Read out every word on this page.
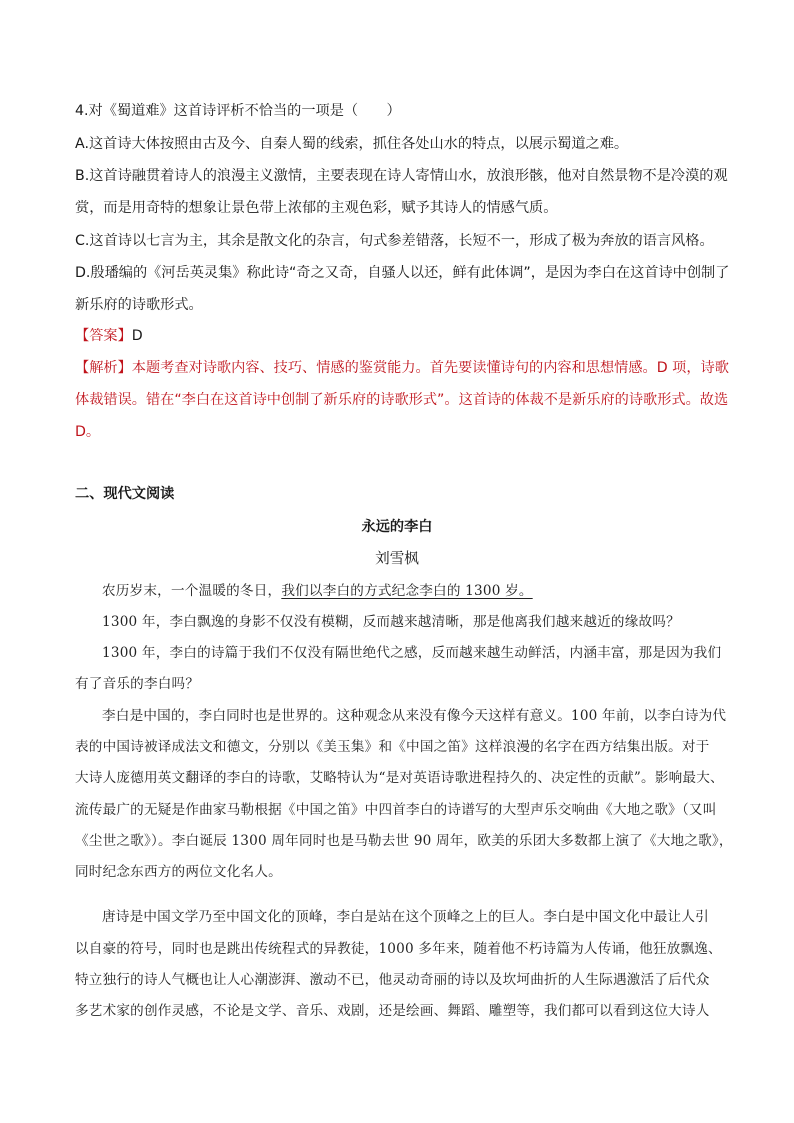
4.对《蜀道难》这首诗评析不恰当的一项是（　　）
A.这首诗大体按照由古及今、自秦人蜀的线索，抓住各处山水的特点，以展示蜀道之难。
B.这首诗融贯着诗人的浪漫主义激情，主要表现在诗人寄情山水，放浪形骸，他对自然景物不是冷漠的观
赏，而是用奇特的想象让景色带上浓郁的主观色彩，赋予其诗人的情感气质。
C.这首诗以七言为主，其余是散文化的杂言，句式参差错落，长短不一，形成了极为奔放的语言风格。
D.殷璠编的《河岳英灵集》称此诗“奇之又奇，自骚人以还，鲜有此体调”，是因为李白在这首诗中创制了
新乐府的诗歌形式。
【答案】D
【解析】本题考查对诗歌内容、技巧、情感的鉴赏能力。首先要读懂诗句的内容和思想情感。D 项，诗歌
体裁错误。错在“李白在这首诗中创制了新乐府的诗歌形式”。这首诗的体裁不是新乐府的诗歌形式。故选
D。
二、现代文阅读
永远的李白
刘雪枫
农历岁末，一个温暖的冬日，我们以李白的方式纪念李白的 1300 岁。
1300 年，李白飘逸的身影不仅没有模糊，反而越来越清晰，那是他离我们越来越近的缘故吗？
1300 年，李白的诗篇于我们不仅没有隔世绝代之感，反而越来越生动鲜活，内涵丰富，那是因为我们
有了音乐的李白吗？
李白是中国的，李白同时也是世界的。这种观念从来没有像今天这样有意义。100 年前，以李白诗为代
表的中国诗被译成法文和德文，分别以《美玉集》和《中国之笛》这样浪漫的名字在西方结集出版。对于
大诗人庞德用英文翻译的李白的诗歌，艾略特认为“是对英语诗歌进程持久的、决定性的贡献”。影响最大、
流传最广的无疑是作曲家马勒根据《中国之笛》中四首李白的诗谱写的大型声乐交响曲《大地之歌》（又叫
《尘世之歌》）。李白诞辰 1300 周年同时也是马勒去世 90 周年，欧美的乐团大多数都上演了《大地之歌》，
同时纪念东西方的两位文化名人。
唐诗是中国文学乃至中国文化的顶峰，李白是站在这个顶峰之上的巨人。李白是中国文化中最让人引
以自豪的符号，同时也是跳出传统程式的异教徒，1000 多年来，随着他不朽诗篇为人传诵，他狂放飘逸、
特立独行的诗人气概也让人心潮澎湃、激动不已，他灵动奇丽的诗以及坎坷曲折的人生际遇激活了后代众
多艺术家的创作灵感，不论是文学、音乐、戏剧，还是绘画、舞蹈、雕塑等，我们都可以看到这位大诗人
